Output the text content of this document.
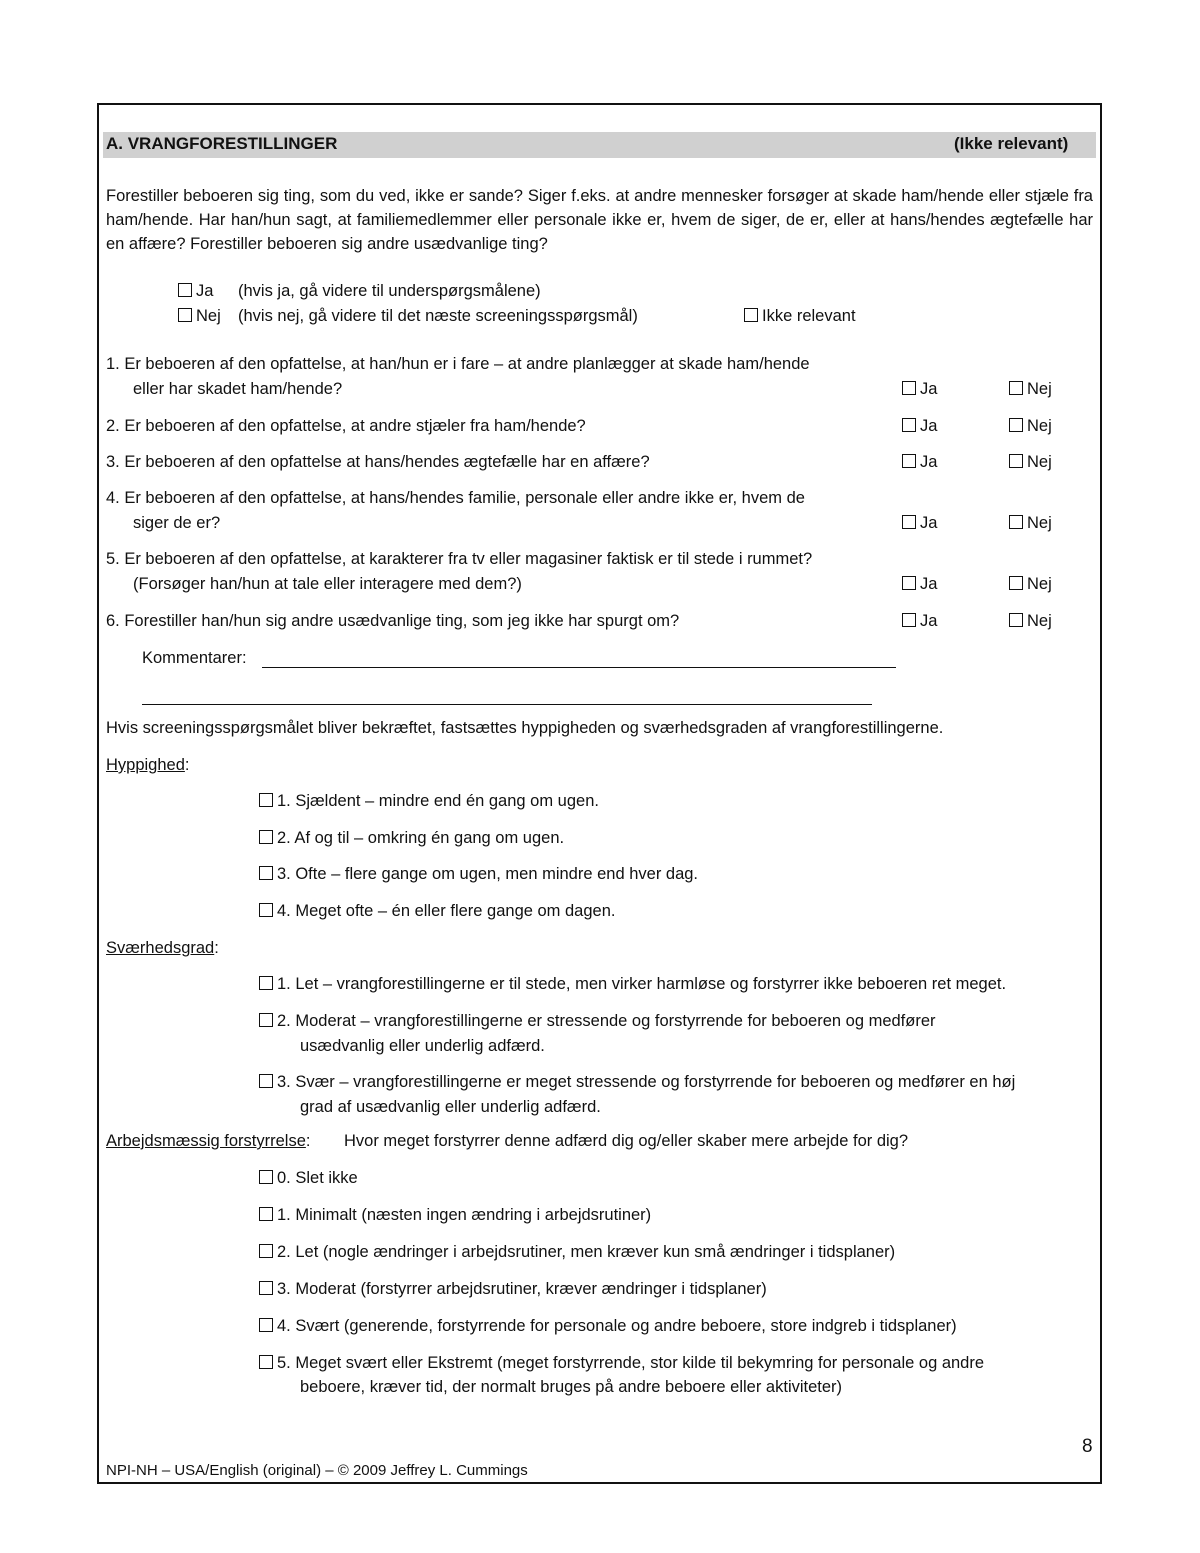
A. VRANGFORESTILLINGER	(Ikke relevant)
Forestiller beboeren sig ting, som du ved, ikke er sande? Siger f.eks. at andre mennesker forsøger at skade ham/hende eller stjæle fra ham/hende. Har han/hun sagt, at familiemedlemmer eller personale ikke er, hvem de siger, de er, eller at hans/hendes ægtefælle har en affære? Forestiller beboeren sig andre usædvanlige ting?
Ja (hvis ja, gå videre til underspørgsmålene)
Nej (hvis nej, gå videre til det næste screeningsspørgsmål)	Ikke relevant
1. Er beboeren af den opfattelse, at han/hun er i fare – at andre planlægger at skade ham/hende
eller har skadet ham/hende?	Ja	Nej
2. Er beboeren af den opfattelse, at andre stjæler fra ham/hende?	Ja	Nej
3. Er beboeren af den opfattelse at hans/hendes ægtefælle har en affære?	Ja	Nej
4. Er beboeren af den opfattelse, at hans/hendes familie, personale eller andre ikke er, hvem de
siger de er?	Ja	Nej
5. Er beboeren af den opfattelse, at karakterer fra tv eller magasiner faktisk er til stede i rummet?
(Forsøger han/hun at tale eller interagere med dem?)	Ja	Nej
6. Forestiller han/hun sig andre usædvanlige ting, som jeg ikke har spurgt om?	Ja	Nej
Kommentarer:
Hvis screeningsspørgsmålet bliver bekræftet, fastsættes hyppigheden og sværhedsgraden af vrangforestillingerne.
Hyppighed:
1. Sjældent – mindre end én gang om ugen.
2. Af og til – omkring én gang om ugen.
3. Ofte – flere gange om ugen, men mindre end hver dag.
4. Meget ofte – én eller flere gange om dagen.
Sværhedsgrad:
1. Let – vrangforestillingerne er til stede, men virker harmløse og forstyrrer ikke beboeren ret meget.
2. Moderat – vrangforestillingerne er stressende og forstyrrende for beboeren og medfører
usædvanlig eller underlig adfærd.
3. Svær – vrangforestillingerne er meget stressende og forstyrrende for beboeren og medfører en høj
grad af usædvanlig eller underlig adfærd.
Arbejdsmæssig forstyrrelse: Hvor meget forstyrrer denne adfærd dig og/eller skaber mere arbejde for dig?
0. Slet ikke
1. Minimalt (næsten ingen ændring i arbejdsrutiner)
2. Let (nogle ændringer i arbejdsrutiner, men kræver kun små ændringer i tidsplaner)
3. Moderat (forstyrrer arbejdsrutiner, kræver ændringer i tidsplaner)
4. Svært (generende, forstyrrende for personale og andre beboere, store indgreb i tidsplaner)
5. Meget svært eller Ekstremt (meget forstyrrende, stor kilde til bekymring for personale og andre
beboere, kræver tid, der normalt bruges på andre beboere eller aktiviteter)
8
NPI-NH – USA/English (original) – © 2009 Jeffrey L. Cummings
